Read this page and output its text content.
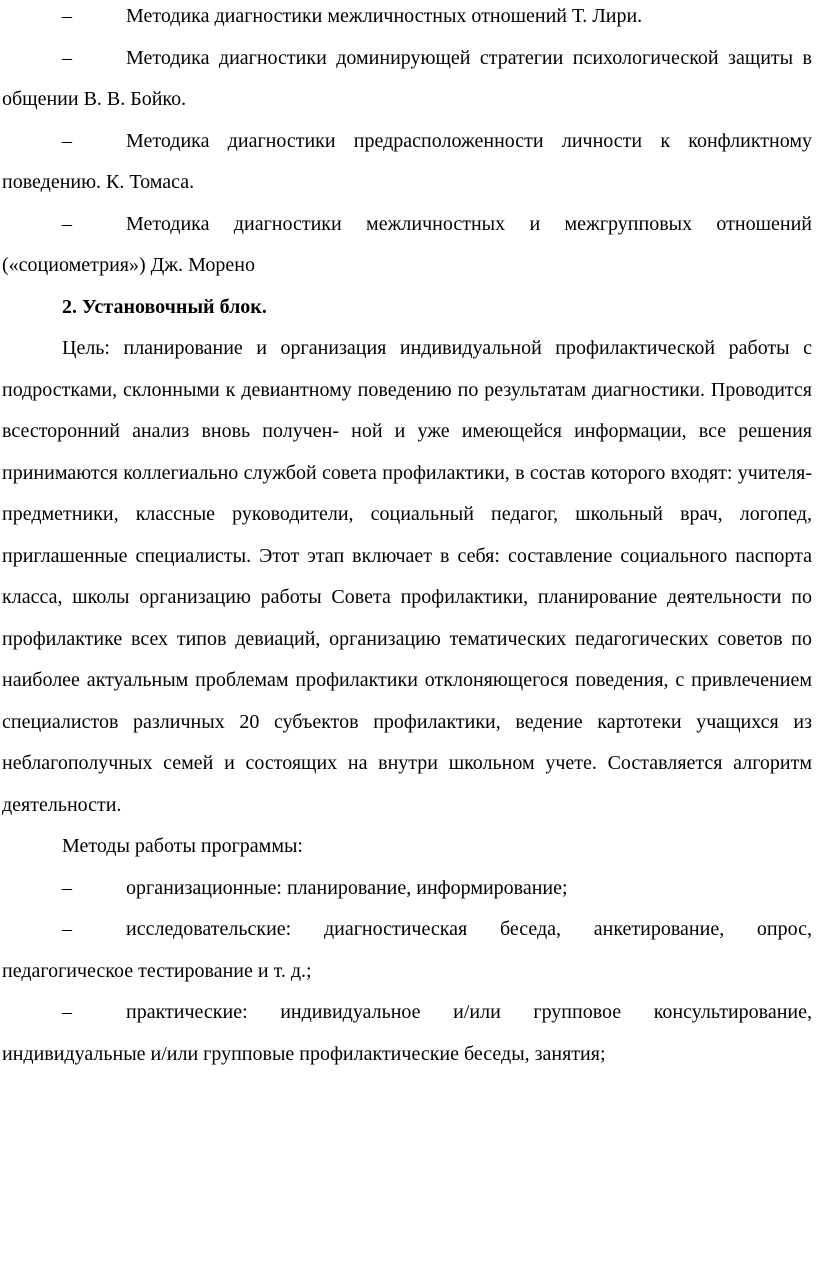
–	Методика диагностики межличностных отношений Т. Лири.

–	Методика диагностики доминирующей стратегии психологической защиты в общении В. В. Бойко.

–	Методика диагностики предрасположенности личности к конфликтному поведению. К. Томаса.

–	Методика диагностики межличностных и межгрупповых отношений («социометрия») Дж. Морено

2. Установочный блок.

Цель: планирование и организация индивидуальной профилактической работы с подростками, склонными к девиантному поведению по результатам диагностики. Проводится всесторонний анализ вновь получен- ной и уже имеющейся информации, все решения принимаются коллегиально службой совета профилактики, в состав которого входят: учителя- предметники, классные руководители, социальный педагог, школьный врач, логопед, приглашенные специалисты. Этот этап включает в себя: составление социального паспорта класса, школы организацию работы Совета профилактики, планирование деятельности по профилактике всех типов девиаций, организацию тематических педагогических советов по наиболее актуальным проблемам профилактики отклоняющегося поведения, с привлечением специалистов различных 20 субъектов профилактики, ведение картотеки учащихся из неблагополучных семей и состоящих на внутри школьном учете. Составляется алгоритм деятельности.

Методы работы программы:

–	организационные: планирование, информирование;

–	исследовательские: диагностическая беседа, анкетирование, опрос, педагогическое тестирование и т. д.;

–	практические: индивидуальное и/или групповое консультирование, индивидуальные и/или групповые профилактические беседы, занятия;
